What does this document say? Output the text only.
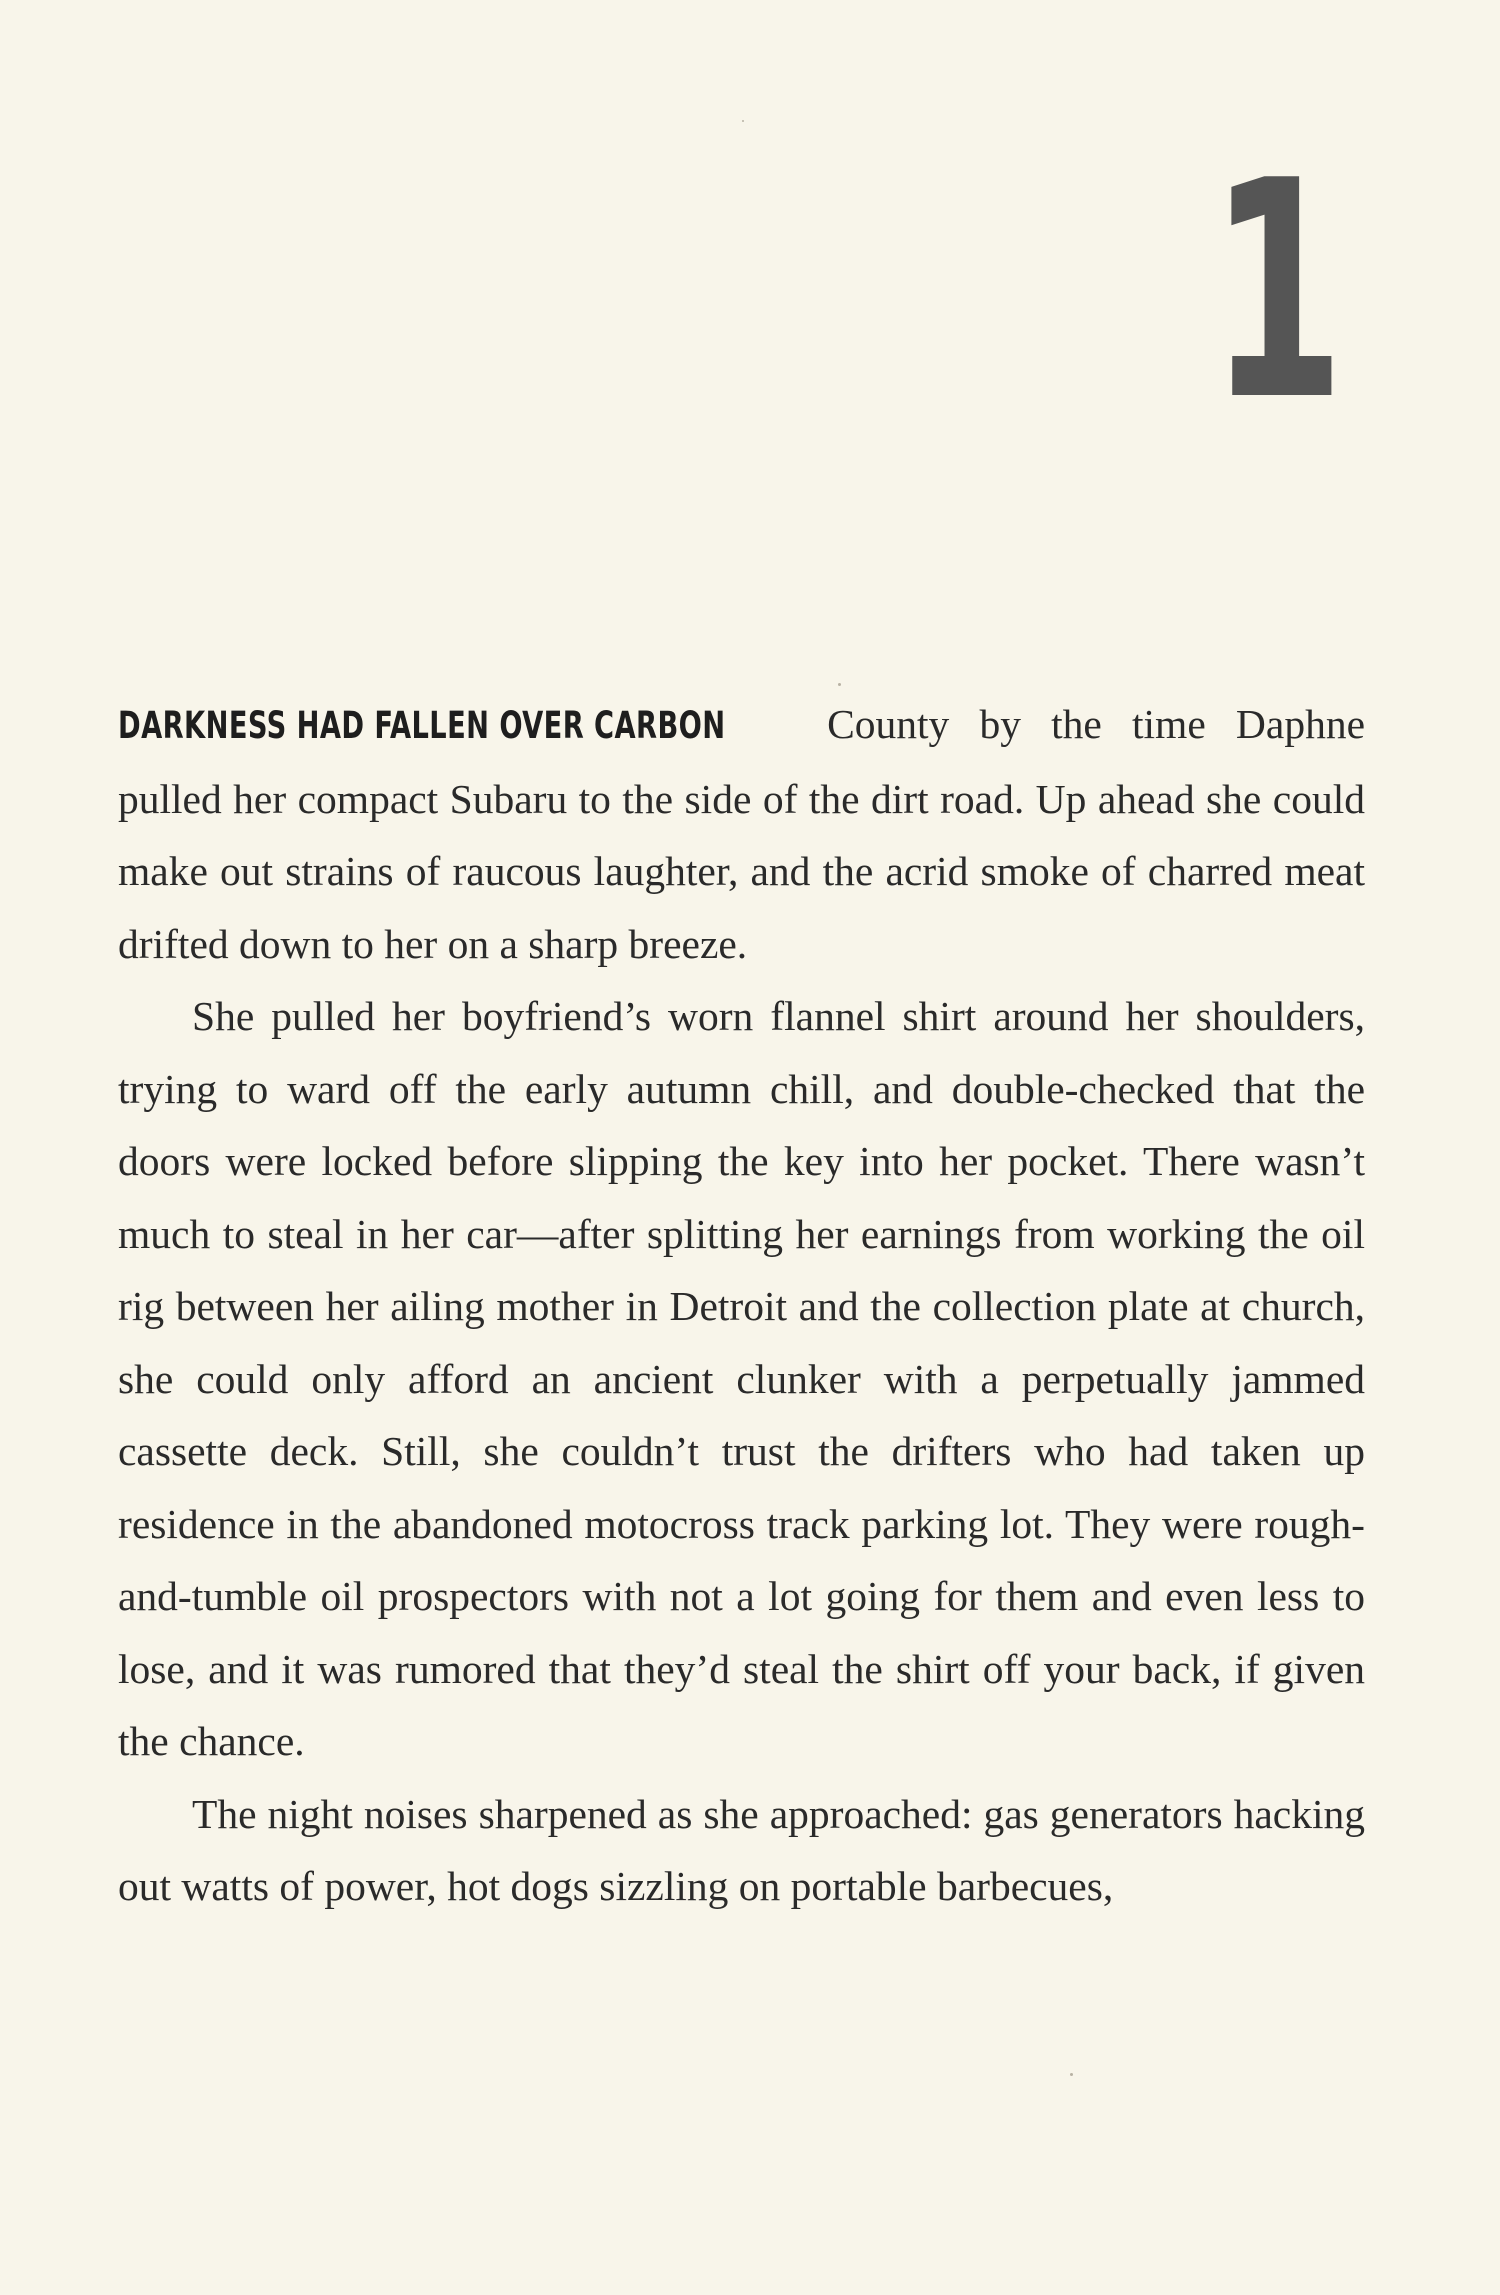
1

DARKNESS HAD FALLEN OVER CARBON County by the time Daphne pulled her compact Subaru to the side of the dirt road. Up ahead she could make out strains of raucous laughter, and the acrid smoke of charred meat drifted down to her on a sharp breeze.

She pulled her boyfriend’s worn flannel shirt around her shoulders, trying to ward off the early autumn chill, and double-checked that the doors were locked before slipping the key into her pocket. There wasn’t much to steal in her car—after splitting her earnings from working the oil rig between her ailing mother in Detroit and the collection plate at church, she could only afford an ancient clunker with a perpetually jammed cassette deck. Still, she couldn’t trust the drifters who had taken up residence in the abandoned motocross track parking lot. They were rough-and-tumble oil prospectors with not a lot going for them and even less to lose, and it was rumored that they’d steal the shirt off your back, if given the chance.

The night noises sharpened as she approached: gas generators hacking out watts of power, hot dogs sizzling on portable barbecues,
